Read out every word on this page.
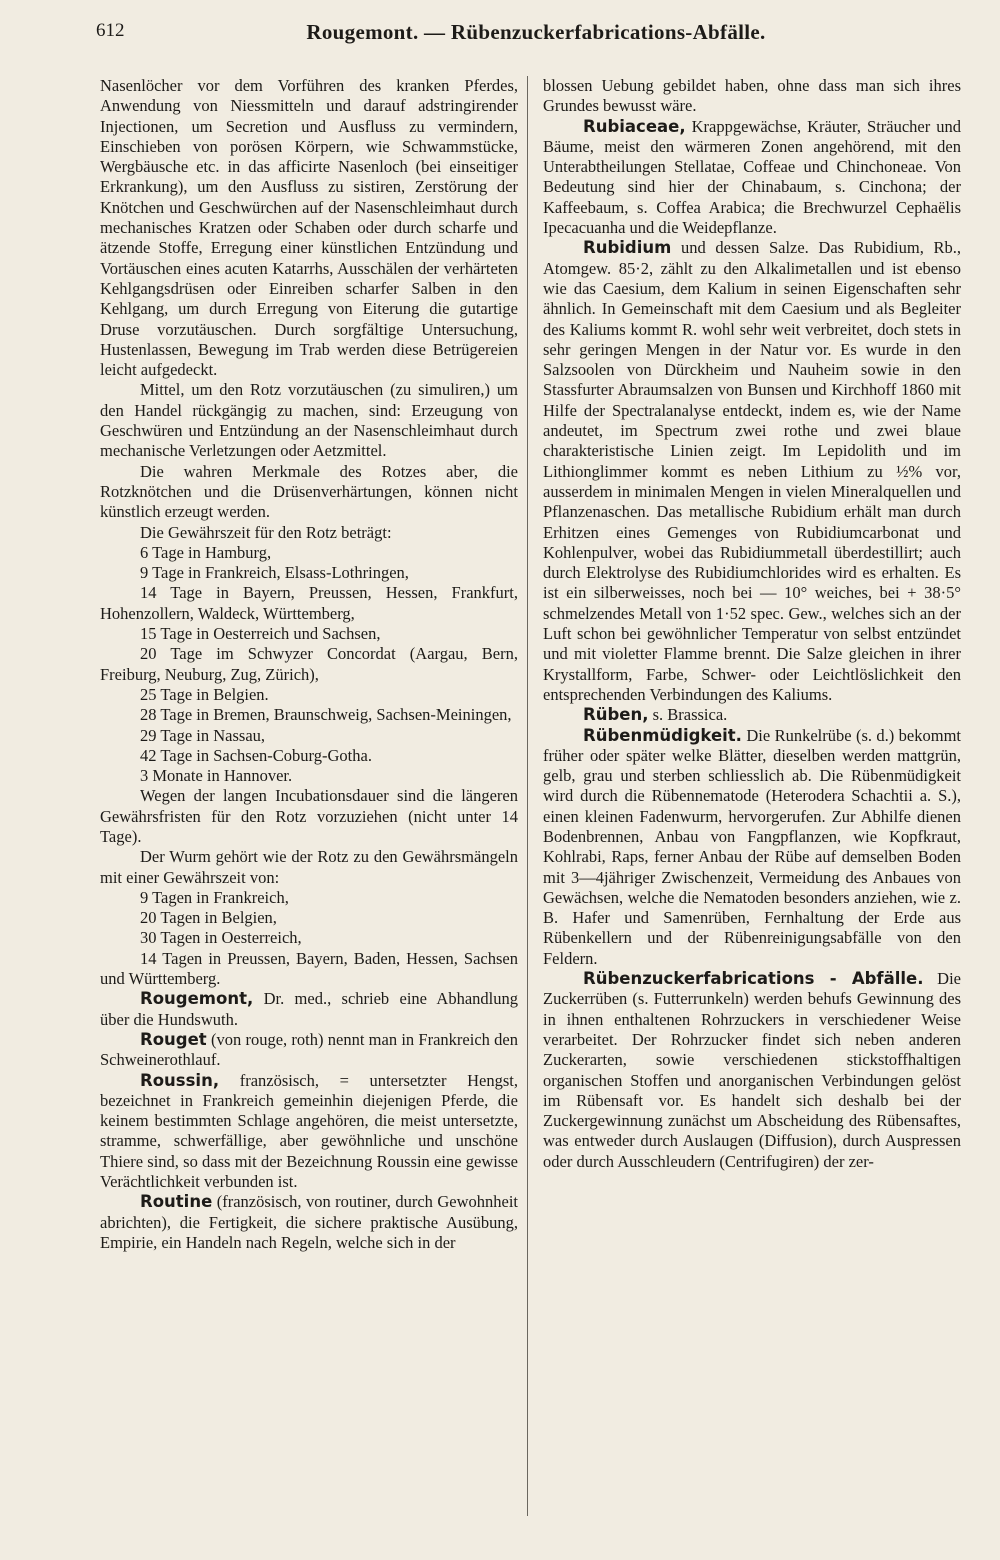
612	Rougemont. — Rübenzuckerfabrications-Abfälle.

Nasenlöcher vor dem Vorführen des kranken Pferdes, Anwendung von Niessmitteln und darauf adstringirender Injectionen, um Secretion und Ausfluss zu vermindern, Einschieben von porösen Körpern, wie Schwammstücke, Wergbäusche etc. in das afficirte Nasenloch (bei einseitiger Erkrankung), um den Ausfluss zu sistiren, Zerstörung der Knötchen und Geschwürchen auf der Nasenschleimhaut durch mechanisches Kratzen oder Schaben oder durch scharfe und ätzende Stoffe, Erregung einer künstlichen Entzündung und Vortäuschen eines acuten Katarrhs, Ausschälen der verhärteten Kehlgangsdrüsen oder Einreiben scharfer Salben in den Kehlgang, um durch Erregung von Eiterung die gutartige Druse vorzutäuschen. Durch sorgfältige Untersuchung, Hustenlassen, Bewegung im Trab werden diese Betrügereien leicht aufgedeckt.

Mittel, um den Rotz vorzutäuschen (zu simuliren,) um den Handel rückgängig zu machen, sind: Erzeugung von Geschwüren und Entzündung an der Nasenschleimhaut durch mechanische Verletzungen oder Aetzmittel.

Die wahren Merkmale des Rotzes aber, die Rotzknötchen und die Drüsenverhärtungen, können nicht künstlich erzeugt werden.

Die Gewährszeit für den Rotz beträgt:

6 Tage in Hamburg,
9 Tage in Frankreich, Elsass-Lothringen,
14 Tage in Bayern, Preussen, Hessen, Frankfurt, Hohenzollern, Waldeck, Württemberg,
15 Tage in Oesterreich und Sachsen,
20 Tage im Schwyzer Concordat (Aargau, Bern, Freiburg, Neuburg, Zug, Zürich),
25 Tage in Belgien.
28 Tage in Bremen, Braunschweig, Sachsen-Meiningen,
29 Tage in Nassau,
42 Tage in Sachsen-Coburg-Gotha.
3 Monate in Hannover.

Wegen der langen Incubationsdauer sind die längeren Gewährsfristen für den Rotz vorzuziehen (nicht unter 14 Tage).

Der Wurm gehört wie der Rotz zu den Gewährsmängeln mit einer Gewährszeit von:

9 Tagen in Frankreich,
20 Tagen in Belgien,
30 Tagen in Oesterreich,
14 Tagen in Preussen, Bayern, Baden, Hessen, Sachsen und Württemberg.

Rougemont, Dr. med., schrieb eine Abhandlung über die Hundswuth.

Rouget (von rouge, roth) nennt man in Frankreich den Schweinerothlauf.

Roussin, französisch, = untersetzter Hengst, bezeichnet in Frankreich gemeinhin diejenigen Pferde, die keinem bestimmten Schlage angehören, die meist untersetzte, stramme, schwerfällige, aber gewöhnliche und unschöne Thiere sind, so dass mit der Bezeichnung Roussin eine gewisse Verächtlichkeit verbunden ist.

Routine (französisch, von routiner, durch Gewohnheit abrichten), die Fertigkeit, die sichere praktische Ausübung, Empirie, ein Handeln nach Regeln, welche sich in der

blossen Uebung gebildet haben, ohne dass man sich ihres Grundes bewusst wäre.

Rubiaceae, Krappgewächse, Kräuter, Sträucher und Bäume, meist den wärmeren Zonen angehörend, mit den Unterabtheilungen Stellatae, Coffeae und Chinchoneae. Von Bedeutung sind hier der Chinabaum, s. Cinchona; der Kaffeebaum, s. Coffea Arabica; die Brechwurzel Cephaëlis Ipecacuanha und die Weidepflanze.

Rubidium und dessen Salze. Das Rubidium, Rb., Atomgew. 85·2, zählt zu den Alkalimetallen und ist ebenso wie das Caesium, dem Kalium in seinen Eigenschaften sehr ähnlich. In Gemeinschaft mit dem Caesium und als Begleiter des Kaliums kommt R. wohl sehr weit verbreitet, doch stets in sehr geringen Mengen in der Natur vor. Es wurde in den Salzsoolen von Dürckheim und Nauheim sowie in den Stassfurter Abraumsalzen von Bunsen und Kirchhoff 1860 mit Hilfe der Spectralanalyse entdeckt, indem es, wie der Name andeutet, im Spectrum zwei rothe und zwei blaue charakteristische Linien zeigt. Im Lepidolith und im Lithionglimmer kommt es neben Lithium zu ½% vor, ausserdem in minimalen Mengen in vielen Mineralquellen und Pflanzenaschen. Das metallische Rubidium erhält man durch Erhitzen eines Gemenges von Rubidiumcarbonat und Kohlenpulver, wobei das Rubidiummetall überdestillirt; auch durch Elektrolyse des Rubidiumchlorides wird es erhalten. Es ist ein silberweisses, noch bei — 10° weiches, bei + 38·5° schmelzendes Metall von 1·52 spec. Gew., welches sich an der Luft schon bei gewöhnlicher Temperatur von selbst entzündet und mit violetter Flamme brennt. Die Salze gleichen in ihrer Krystallform, Farbe, Schwer- oder Leichtlöslichkeit den entsprechenden Verbindungen des Kaliums.

Rüben, s. Brassica.

Rübenmüdigkeit. Die Runkelrübe (s. d.) bekommt früher oder später welke Blätter, dieselben werden mattgrün, gelb, grau und sterben schliesslich ab. Die Rübenmüdigkeit wird durch die Rübennematode (Heterodera Schachtii a. S.), einen kleinen Fadenwurm, hervorgerufen. Zur Abhilfe dienen Bodenbrennen, Anbau von Fangpflanzen, wie Kopfkraut, Kohlrabi, Raps, ferner Anbau der Rübe auf demselben Boden mit 3—4jähriger Zwischenzeit, Vermeidung des Anbaues von Gewächsen, welche die Nematoden besonders anziehen, wie z. B. Hafer und Samenrüben, Fernhaltung der Erde aus Rübenkellern und der Rübenreinigungsabfälle von den Feldern.

Rübenzuckerfabrications - Abfälle. Die Zuckerrüben (s. Futterrunkeln) werden behufs Gewinnung des in ihnen enthaltenen Rohrzuckers in verschiedener Weise verarbeitet. Der Rohrzucker findet sich neben anderen Zuckerarten, sowie verschiedenen stickstoffhaltigen organischen Stoffen und anorganischen Verbindungen gelöst im Rübensaft vor. Es handelt sich deshalb bei der Zuckergewinnung zunächst um Abscheidung des Rübensaftes, was entweder durch Auslaugen (Diffusion), durch Auspressen oder durch Ausschleudern (Centrifugiren) der zer-
